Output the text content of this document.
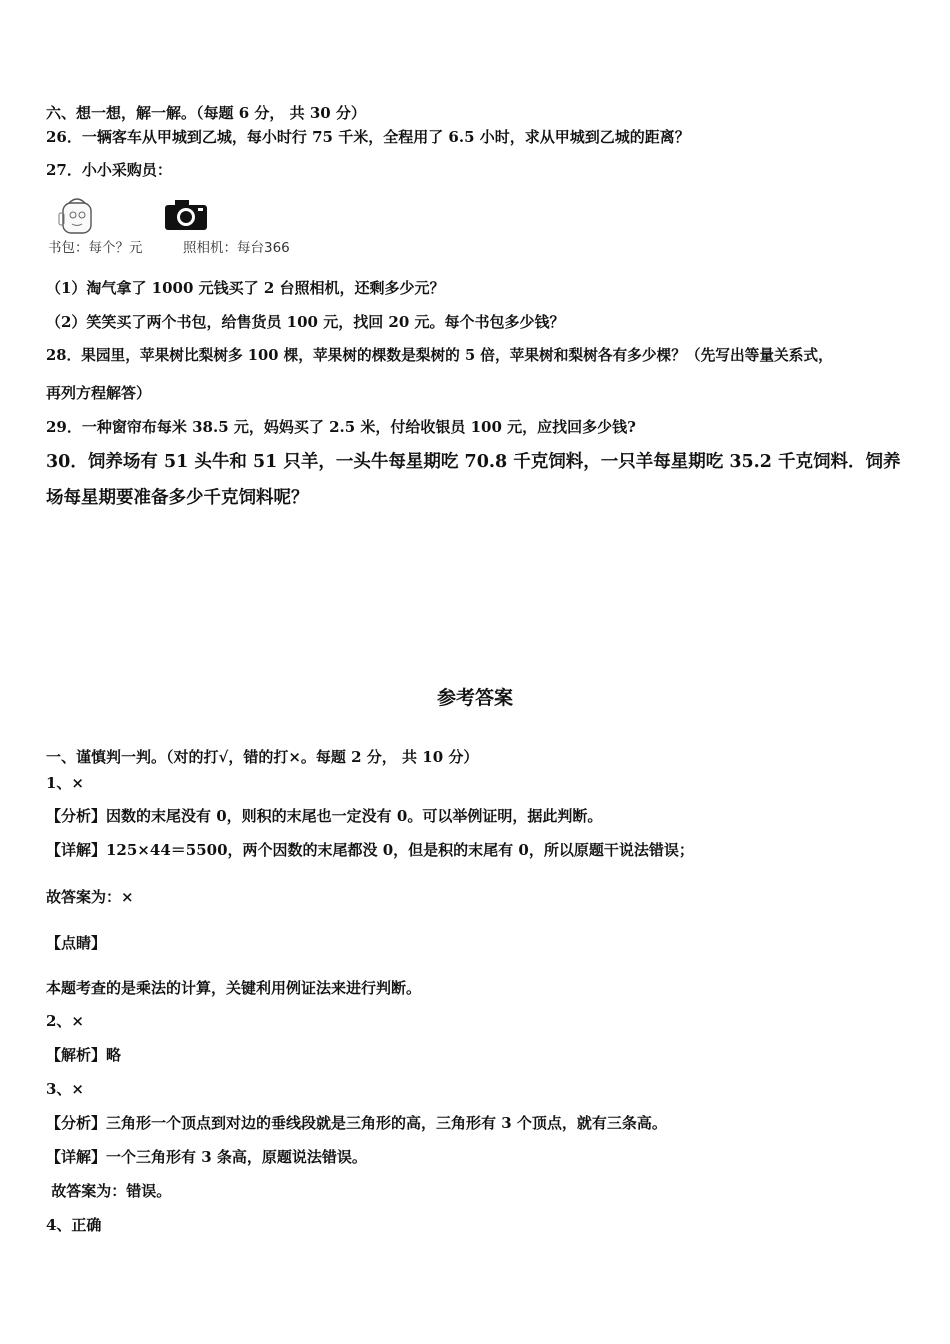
六、想一想，解一解。（每题 6 分， 共 30 分）
26．一辆客车从甲城到乙城，每小时行 75 千米，全程用了 6.5 小时，求从甲城到乙城的距离？
27．小小采购员：
书包：每个？元	照相机：每台366
（1）淘气拿了 1000 元钱买了 2 台照相机，还剩多少元？
（2）笑笑买了两个书包，给售货员 100 元，找回 20 元。每个书包多少钱？
28．果园里，苹果树比梨树多 100 棵，苹果树的棵数是梨树的 5 倍，苹果树和梨树各有多少棵？（先写出等量关系式，
再列方程解答）
29．一种窗帘布每米 38.5 元，妈妈买了 2.5 米，付给收银员 100 元，应找回多少钱?
30．饲养场有 51 头牛和 51 只羊，一头牛每星期吃 70.8 千克饲料，一只羊每星期吃 35.2 千克饲料．饲养
场每星期要准备多少千克饲料呢？
参考答案
一、谨慎判一判。（对的打√，错的打×。每题 2 分， 共 10 分）
1、×
【分析】因数的末尾没有 0，则积的末尾也一定没有 0。可以举例证明，据此判断。
【详解】125×44＝5500，两个因数的末尾都没 0，但是积的末尾有 0，所以原题干说法错误；
故答案为：×
【点睛】
本题考查的是乘法的计算，关键利用例证法来进行判断。
2、×
【解析】略
3、×
【分析】三角形一个顶点到对边的垂线段就是三角形的高，三角形有 3 个顶点，就有三条高。
【详解】一个三角形有 3 条高，原题说法错误。
故答案为：错误。
4、正确
